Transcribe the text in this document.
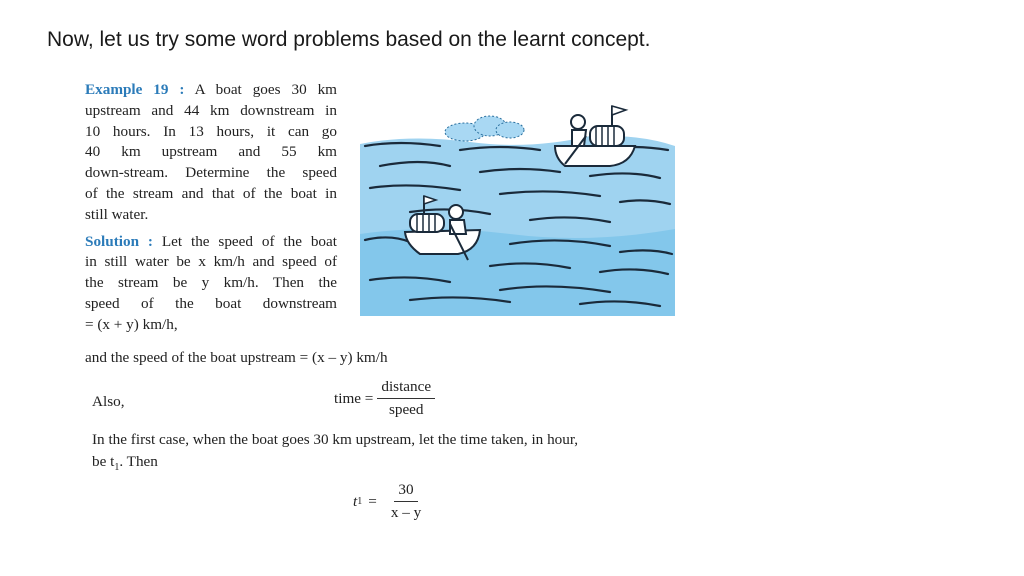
Now, let us try some word problems based on the learnt concept.
Example 19 : A boat goes 30 km
upstream and 44 km downstream in
10 hours. In 13 hours, it can go
40 km upstream and 55 km
down-stream. Determine the speed
of the stream and that of the boat in
still water.
Solution : Let the speed of the boat
in still water be x km/h and speed of
the stream be y km/h. Then the
speed of the boat downstream
= (x + y) km/h,
and the speed of the boat upstream = (x – y) km/h
Also,	time = $\frac{\text{distance}}{\text{speed}}$
In the first case, when the boat goes 30 km upstream, let the time taken, in hour,
be $t_1$. Then
t $1 = \frac{30}{x - y}$
